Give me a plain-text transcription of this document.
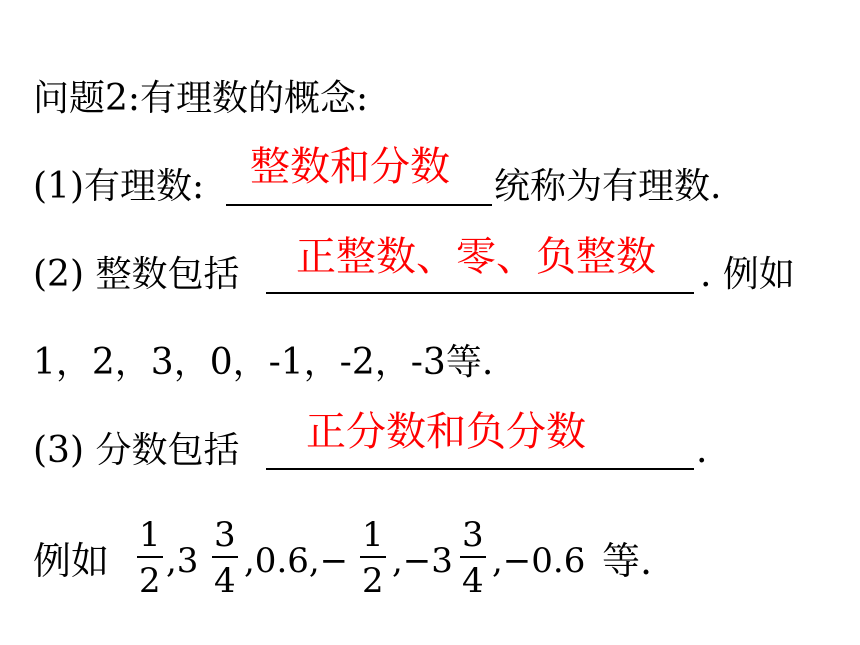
问题2:有理数的概念:
(1)有理数: 整数和分数 统称为有理数.
(2) 整数包括 正整数、零、负整数 . 例如
1，2，3，0，-1，-2，-3等.
(3) 分数包括 正分数和负分数	.
例如
1
2 ,3
3
4 ,0.6,−
1
2 ,−3
3
4 ,−0.6 等.
